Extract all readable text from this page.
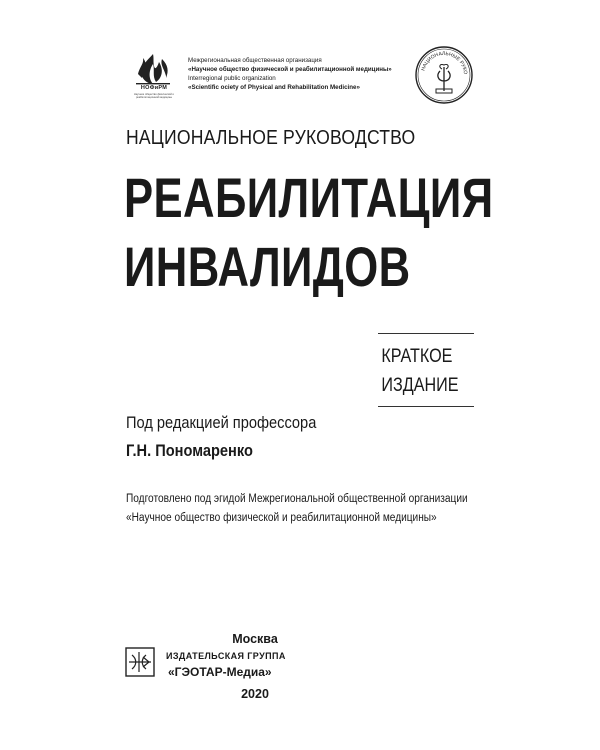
НОФиРМ
Научное общество физической и реабилитационной медицины
Межрегиональная общественная организация
«Научное общество физической и реабилитационной медицины»
Interregional public organization
«Scientific ociety of Physical and Rehabilitation Medicine»
НАЦИОНАЛЬНЫЕ РУКО
НАЦИОНАЛЬНОЕ РУКОВОДСТВО
РЕАБИЛИТАЦИЯ
ИНВАЛИДОВ
КРАТКОЕ
ИЗДАНИЕ
Под редакцией профессора
Г.Н. Пономаренко
Подготовлено под эгидой Межрегиональной общественной организации
«Научное общество физической и реабилитационной медицины»
Москва
ИЗДАТЕЛЬСКАЯ ГРУППА
«ГЭОТАР-Медиа»
2020
